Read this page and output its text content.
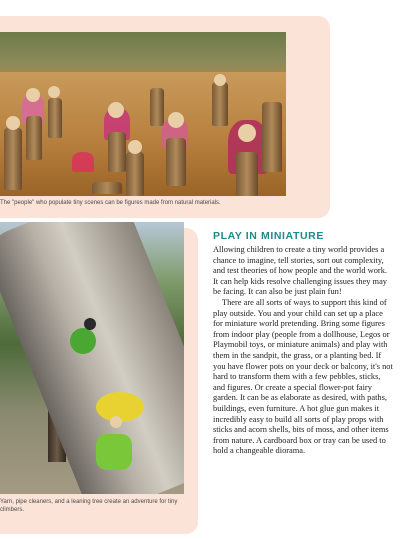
The "people" who populate tiny scenes can be figures made from natural materials.
Yarn, pipe cleaners, and a leaning tree create an adventure for tiny climbers.
PLAY IN MINIATURE

Allowing children to create a tiny world provides a chance to imagine, tell stories, sort out complexity, and test theories of how people and the world work. It can help kids resolve challenging issues they may be facing. It can also be just plain fun!

There are all sorts of ways to support this kind of play outside. You and your child can set up a place for miniature world pretending. Bring some figures from indoor play (people from a dollhouse, Legos or Playmobil toys, or miniature animals) and play with them in the sandpit, the grass, or a planting bed. If you have flower pots on your deck or balcony, it's not hard to transform them with a few pebbles, sticks, and figures. Or create a special flower-pot fairy garden. It can be as elaborate as desired, with paths, buildings, even furniture. A hot glue gun makes it incredibly easy to build all sorts of play props with sticks and acorn shells, bits of moss, and other items from nature. A cardboard box or tray can be used to hold a changeable diorama.
